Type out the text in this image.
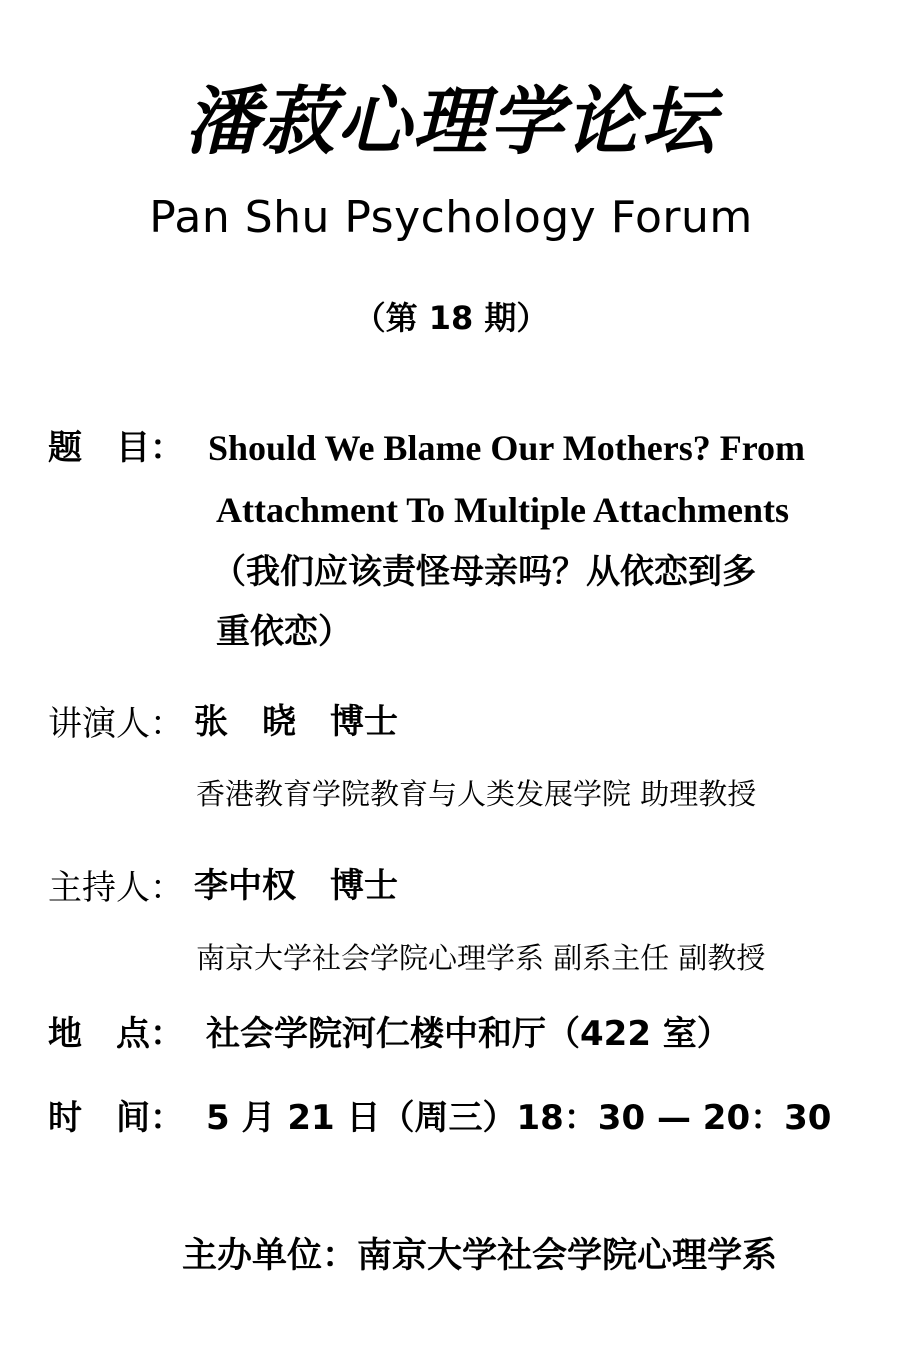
潘菽心理学论坛
Pan Shu Psychology Forum
（第 18 期）
题　目： Should We Blame Our Mothers? From
Attachment To Multiple Attachments
（我们应该责怪母亲吗？从依恋到多
重依恋）
讲演人： 张　晓　博士
香港教育学院教育与人类发展学院 助理教授
主持人： 李中权　博士
南京大学社会学院心理学系 副系主任 副教授
地　点： 社会学院河仁楼中和厅（422 室）
时　间： 5 月 21 日（周三）18：30 — 20：30
主办单位：南京大学社会学院心理学系
